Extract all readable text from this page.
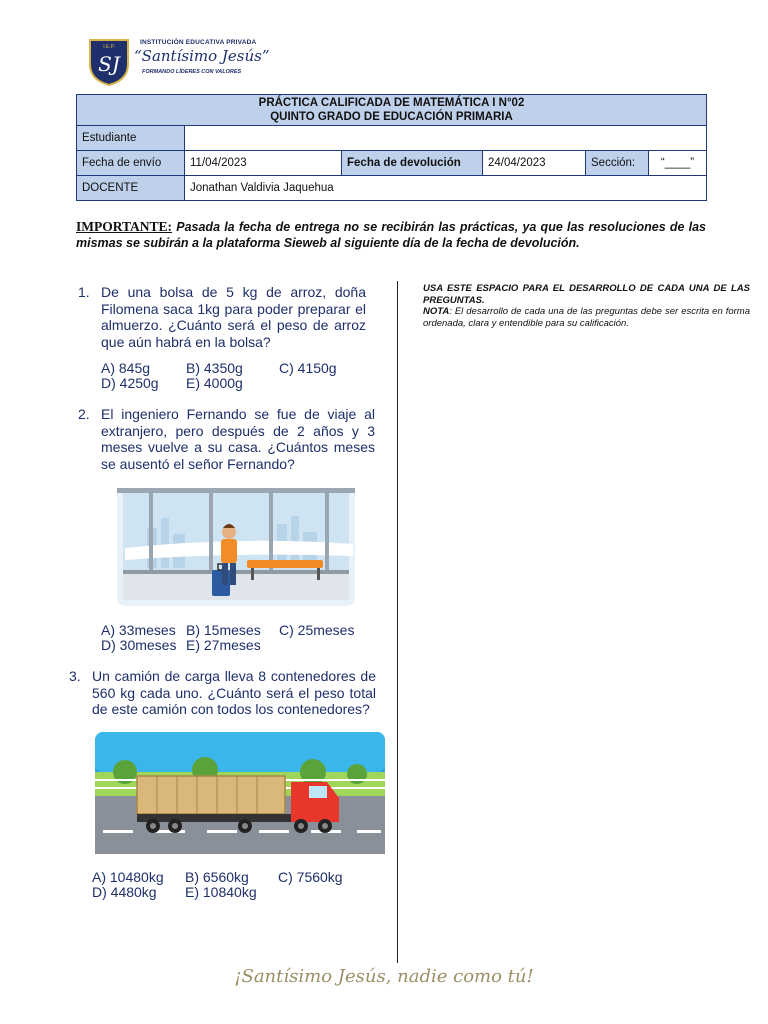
I.E.P.
SJ
INSTITUCIÓN EDUCATIVA PRIVADA
“Santísimo Jesús”
FORMANDO LÍDERES CON VALORES
PRÁCTICA CALIFICADA DE MATEMÁTICA I N°02
QUINTO GRADO DE EDUCACIÓN PRIMARIA					

Estudiante					
Fecha de envío	11/04/2023	Fecha de devolución	24/04/2023	Sección:	“____”
DOCENTE	Jonathan Valdivia Jaquehua				
IMPORTANTE: Pasada la fecha de entrega no se recibirán las prácticas, ya que las resoluciones de las mismas se subirán a la plataforma Sieweb al siguiente día de la fecha de devolución.
1. De una bolsa de 5 kg de arroz, doña Filomena saca 1kg para poder preparar el almuerzo. ¿Cuánto será el peso de arroz que aún habrá en la bolsa?
A) 845g	B) 4350g	C) 4150g
D) 4250g E) 4000g
2. El ingeniero Fernando se fue de viaje al extranjero, pero después de 2 años y 3 meses vuelve a su casa. ¿Cuántos meses se ausentó el señor Fernando?
A) 33meses B) 15meses C) 25meses
D) 30meses E) 27meses
3. Un camión de carga lleva 8 contenedores de 560 kg cada uno. ¿Cuánto será el peso total de este camión con todos los contenedores?
A) 10480kg B) 6560kg C) 7560kg
D) 4480kg E) 10840kg
USA ESTE ESPACIO PARA EL DESARROLLO DE CADA UNA DE LAS PREGUNTAS.
NOTA: El desarrollo de cada una de las preguntas debe ser escrita en forma ordenada, clara y entendible para su calificación.
¡Santísimo Jesús, nadie como tú!
